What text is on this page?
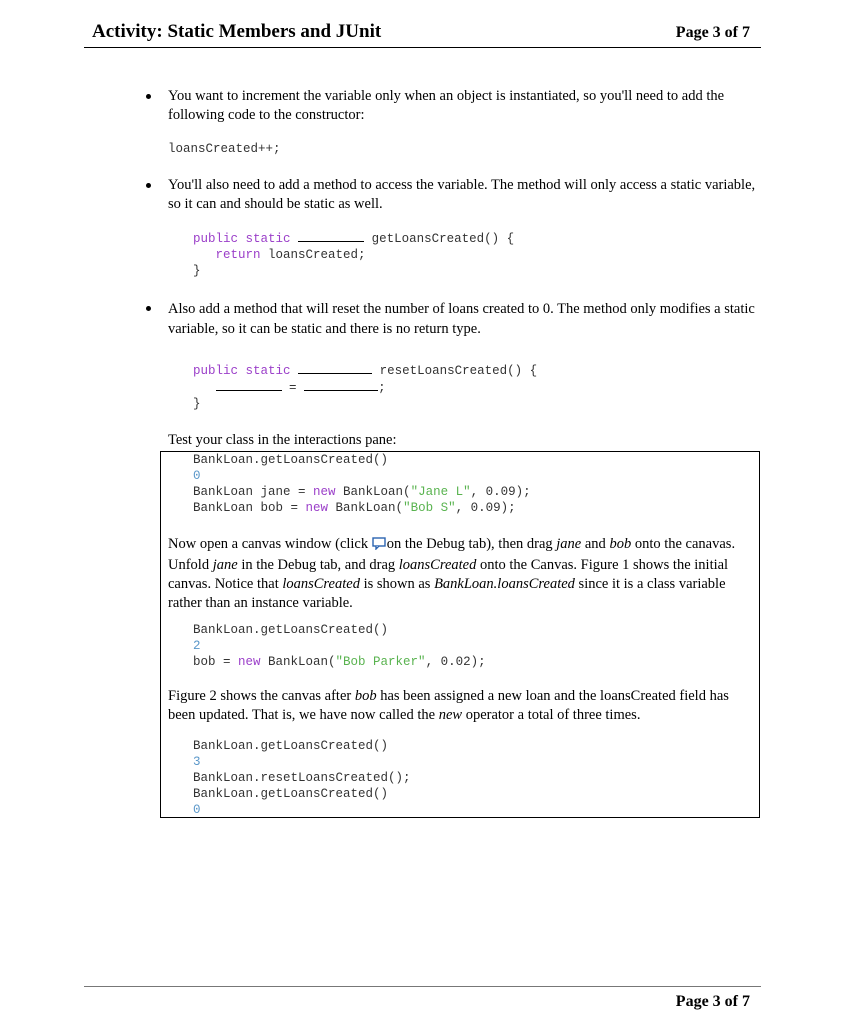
Activity: Static Members and JUnit	Page 3 of 7
You want to increment the variable only when an object is instantiated, so you'll need to add the following code to the constructor:
loansCreated++;
You'll also need to add a method to access the variable. The method will only access a static variable, so it can and should be static as well.
public static	getLoansCreated() {
return loansCreated;
}
Also add a method that will reset the number of loans created to 0. The method only modifies a static variable, so it can be static and there is no return type.
public static	resetLoansCreated() {
=	;
}
Test your class in the interactions pane:
BankLoan.getLoansCreated()
0
BankLoan jane = new BankLoan("Jane L", 0.09);
BankLoan bob = new BankLoan("Bob S", 0.09);
Now open a canvas window (click on the Debug tab), then drag jane and bob onto the canavas. Unfold jane in the Debug tab, and drag loansCreated onto the Canvas. Figure 1 shows the initial canvas. Notice that loansCreated is shown as BankLoan.loansCreated since it is a class variable rather than an instance variable.
BankLoan.getLoansCreated()
2
bob = new BankLoan("Bob Parker", 0.02);
Figure 2 shows the canvas after bob has been assigned a new loan and the loansCreated field has been updated. That is, we have now called the new operator a total of three times.
BankLoan.getLoansCreated()
3
BankLoan.resetLoansCreated();
BankLoan.getLoansCreated()
0
Page 3 of 7
